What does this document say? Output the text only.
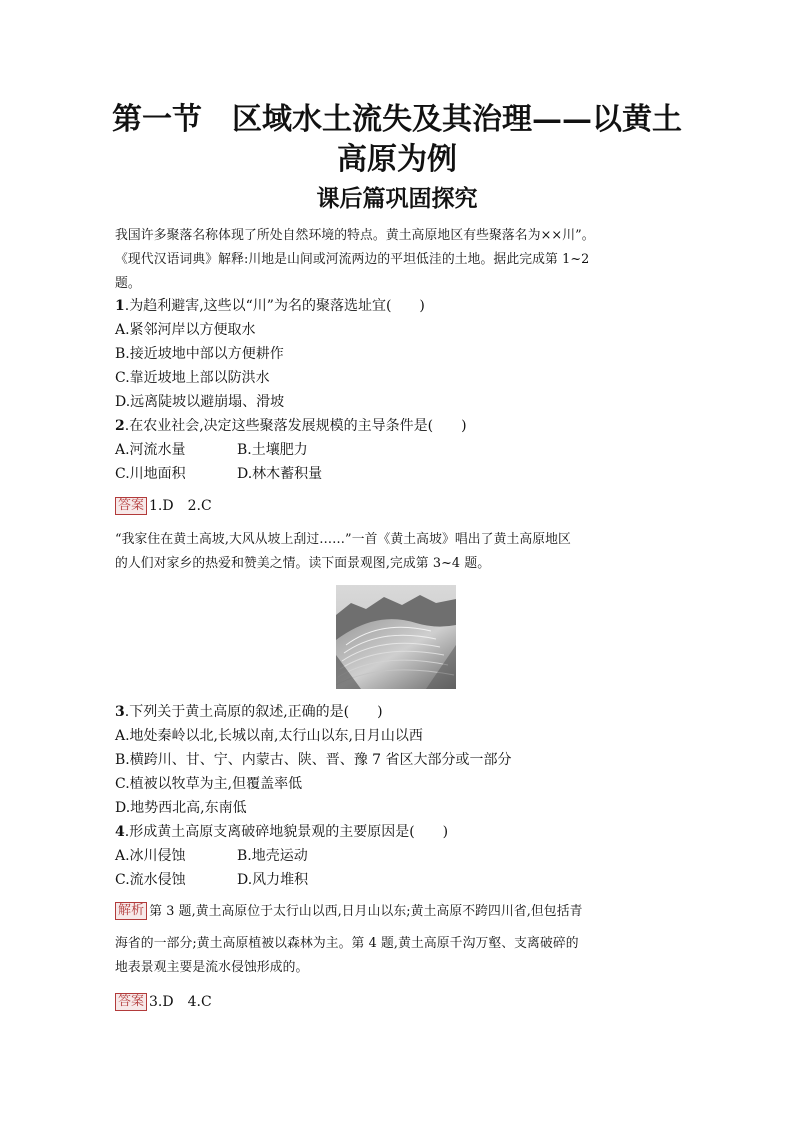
第一节　区域水土流失及其治理——以黄土
高原为例
课后篇巩固探究
我国许多聚落名称体现了所处自然环境的特点。黄土高原地区有些聚落名为××川”。
《现代汉语词典》解释:川地是山间或河流两边的平坦低洼的土地。据此完成第 1~2
题。
1.为趋利避害,这些以“川”为名的聚落选址宜(　　)
A.紧邻河岸以方便取水
B.接近坡地中部以方便耕作
C.靠近坡地上部以防洪水
D.远离陡坡以避崩塌、滑坡
2.在农业社会,决定这些聚落发展规模的主导条件是(　　)
A.河流水量	B.土壤肥力
C.川地面积	D.林木蓄积量
答案 1.D　2.C
“我家住在黄土高坡,大风从坡上刮过……”一首《黄土高坡》唱出了黄土高原地区
的人们对家乡的热爱和赞美之情。读下面景观图,完成第 3~4 题。
3.下列关于黄土高原的叙述,正确的是(　　)
A.地处秦岭以北,长城以南,太行山以东,日月山以西
B.横跨川、甘、宁、内蒙古、陕、晋、豫 7 省区大部分或一部分
C.植被以牧草为主,但覆盖率低
D.地势西北高,东南低
4.形成黄土高原支离破碎地貌景观的主要原因是(　　)
A.冰川侵蚀	B.地壳运动
C.流水侵蚀	D.风力堆积
解析 第 3 题,黄土高原位于太行山以西,日月山以东;黄土高原不跨四川省,但包括青
海省的一部分;黄土高原植被以森林为主。第 4 题,黄土高原千沟万壑、支离破碎的
地表景观主要是流水侵蚀形成的。
答案 3.D　4.C
